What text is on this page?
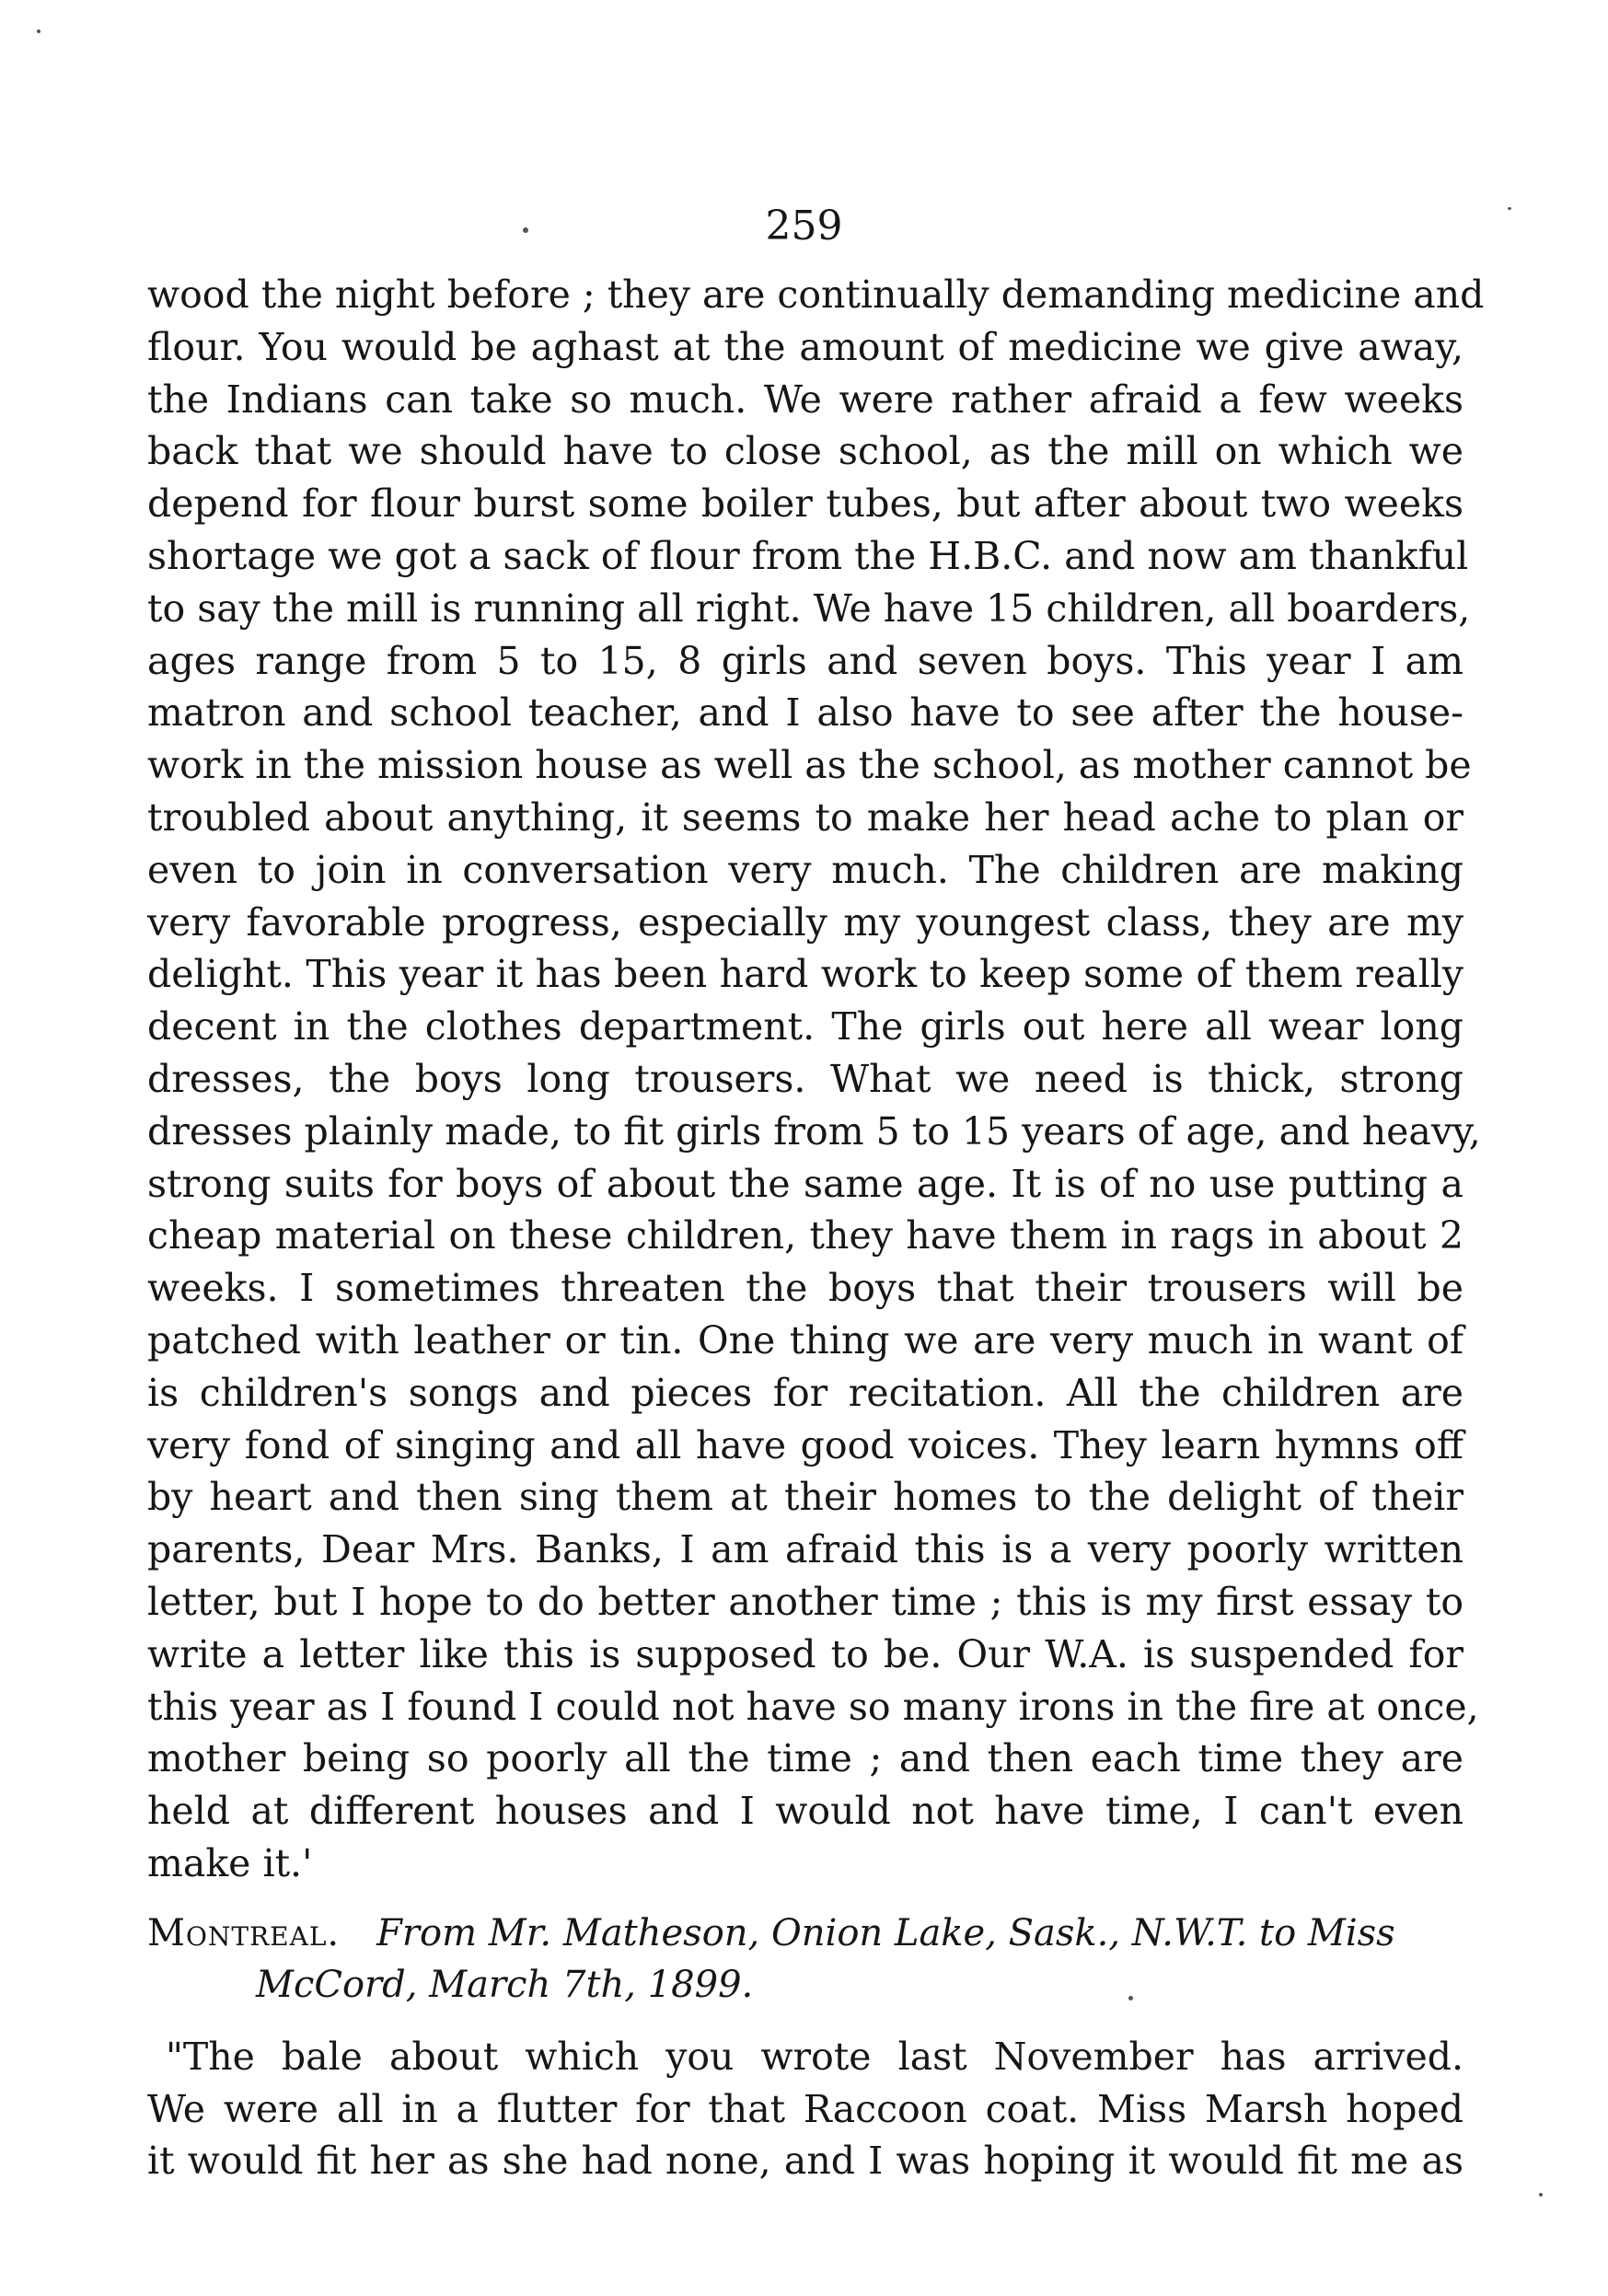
259
wood the night before ; they are continually demanding medicine and
flour. You would be aghast at the amount of medicine we give away,
the Indians can take so much. We were rather afraid a few weeks
back that we should have to close school, as the mill on which we
depend for flour burst some boiler tubes, but after about two weeks
shortage we got a sack of flour from the H.B.C. and now am thankful
to say the mill is running all right. We have 15 children, all boarders,
ages range from 5 to 15, 8 girls and seven boys. This year I am
matron and school teacher, and I also have to see after the house-
work in the mission house as well as the school, as mother cannot be
troubled about anything, it seems to make her head ache to plan or
even to join in conversation very much. The children are making
very favorable progress, especially my youngest class, they are my
delight. This year it has been hard work to keep some of them really
decent in the clothes department. The girls out here all wear long
dresses, the boys long trousers. What we need is thick, strong
dresses plainly made, to fit girls from 5 to 15 years of age, and heavy,
strong suits for boys of about the same age. It is of no use putting a
cheap material on these children, they have them in rags in about 2
weeks. I sometimes threaten the boys that their trousers will be
patched with leather or tin. One thing we are very much in want of
is children's songs and pieces for recitation. All the children are
very fond of singing and all have good voices. They learn hymns off
by heart and then sing them at their homes to the delight of their
parents, Dear Mrs. Banks, I am afraid this is a very poorly written
letter, but I hope to do better another time ; this is my first essay to
write a letter like this is supposed to be. Our W.A. is suspended for
this year as I found I could not have so many irons in the fire at once,
mother being so poorly all the time ; and then each time they are
held at different houses and I would not have time, I can't even
make it.'
Montreal. From Mr. Matheson, Onion Lake, Sask., N.W.T. to Miss
McCord, March 7th, 1899.
"The bale about which you wrote last November has arrived.
We were all in a flutter for that Raccoon coat. Miss Marsh hoped
it would fit her as she had none, and I was hoping it would fit me as
